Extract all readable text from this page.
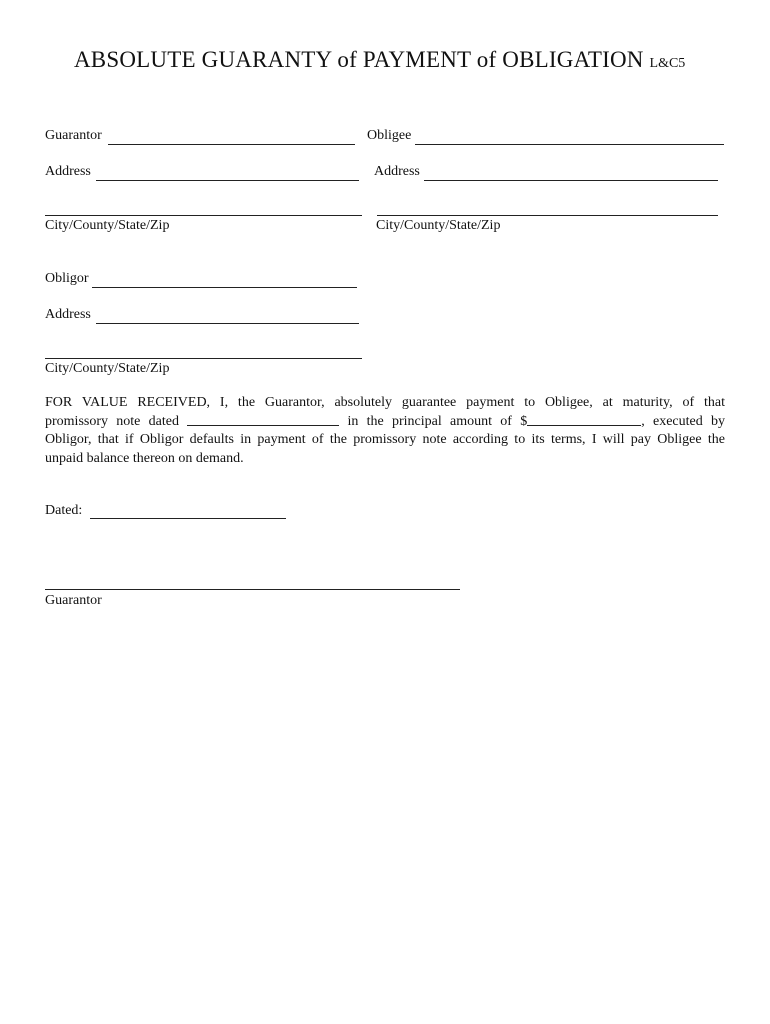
ABSOLUTE GUARANTY of PAYMENT of OBLIGATION L&C5
Guarantor
Address
City/County/State/Zip
Obligee
Address
City/County/State/Zip
Obligor
Address
City/County/State/Zip
FOR VALUE RECEIVED, I, the Guarantor, absolutely guarantee payment to Obligee, at maturity, of that
promissory note dated	in the principal amount of $	, executed by
Obligor, that if Obligor defaults in payment of the promissory note according to its terms, I will pay Obligee the
unpaid balance thereon on demand.
Dated:
Guarantor
